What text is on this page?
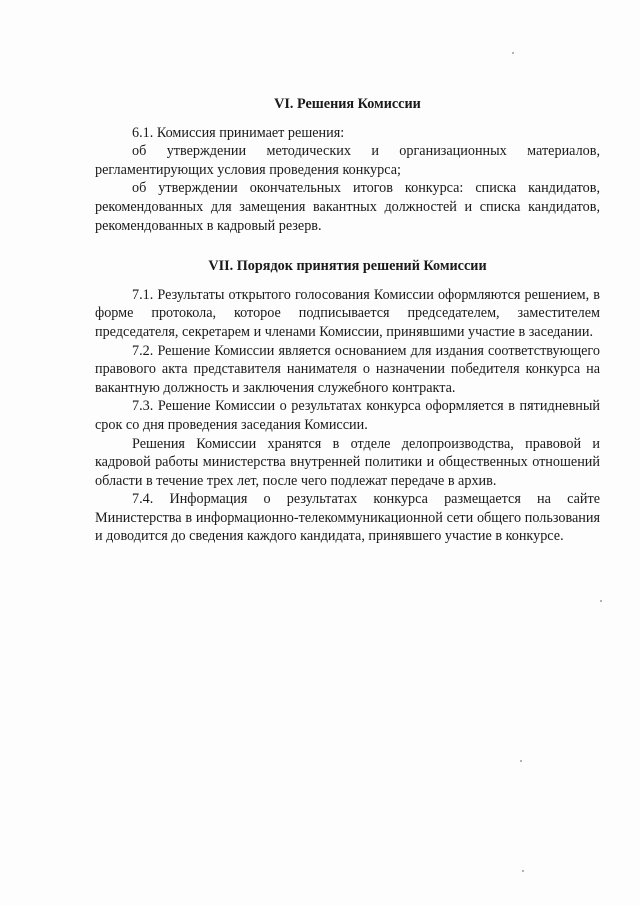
VI. Решения Комиссии

6.1. Комиссия принимает решения:

об утверждении методических и организационных материалов, регламентирующих условия проведения конкурса;

об утверждении окончательных итогов конкурса: списка кандидатов, рекомендованных для замещения вакантных должностей и списка кандидатов, рекомендованных в кадровый резерв.

VII. Порядок принятия решений Комиссии

7.1. Результаты открытого голосования Комиссии оформляются решением, в форме протокола, которое подписывается председателем, заместителем председателя, секретарем и членами Комиссии, принявшими участие в заседании.

7.2. Решение Комиссии является основанием для издания соответствующего правового акта представителя нанимателя о назначении победителя конкурса на вакантную должность и заключения служебного контракта.

7.3. Решение Комиссии о результатах конкурса оформляется в пятидневный срок со дня проведения заседания Комиссии.

Решения Комиссии хранятся в отделе делопроизводства, правовой и кадровой работы министерства внутренней политики и общественных отношений области в течение трех лет, после чего подлежат передаче в архив.

7.4. Информация о результатах конкурса размещается на сайте Министерства в информационно-телекоммуникационной сети общего пользования и доводится до сведения каждого кандидата, принявшего участие в конкурсе.
